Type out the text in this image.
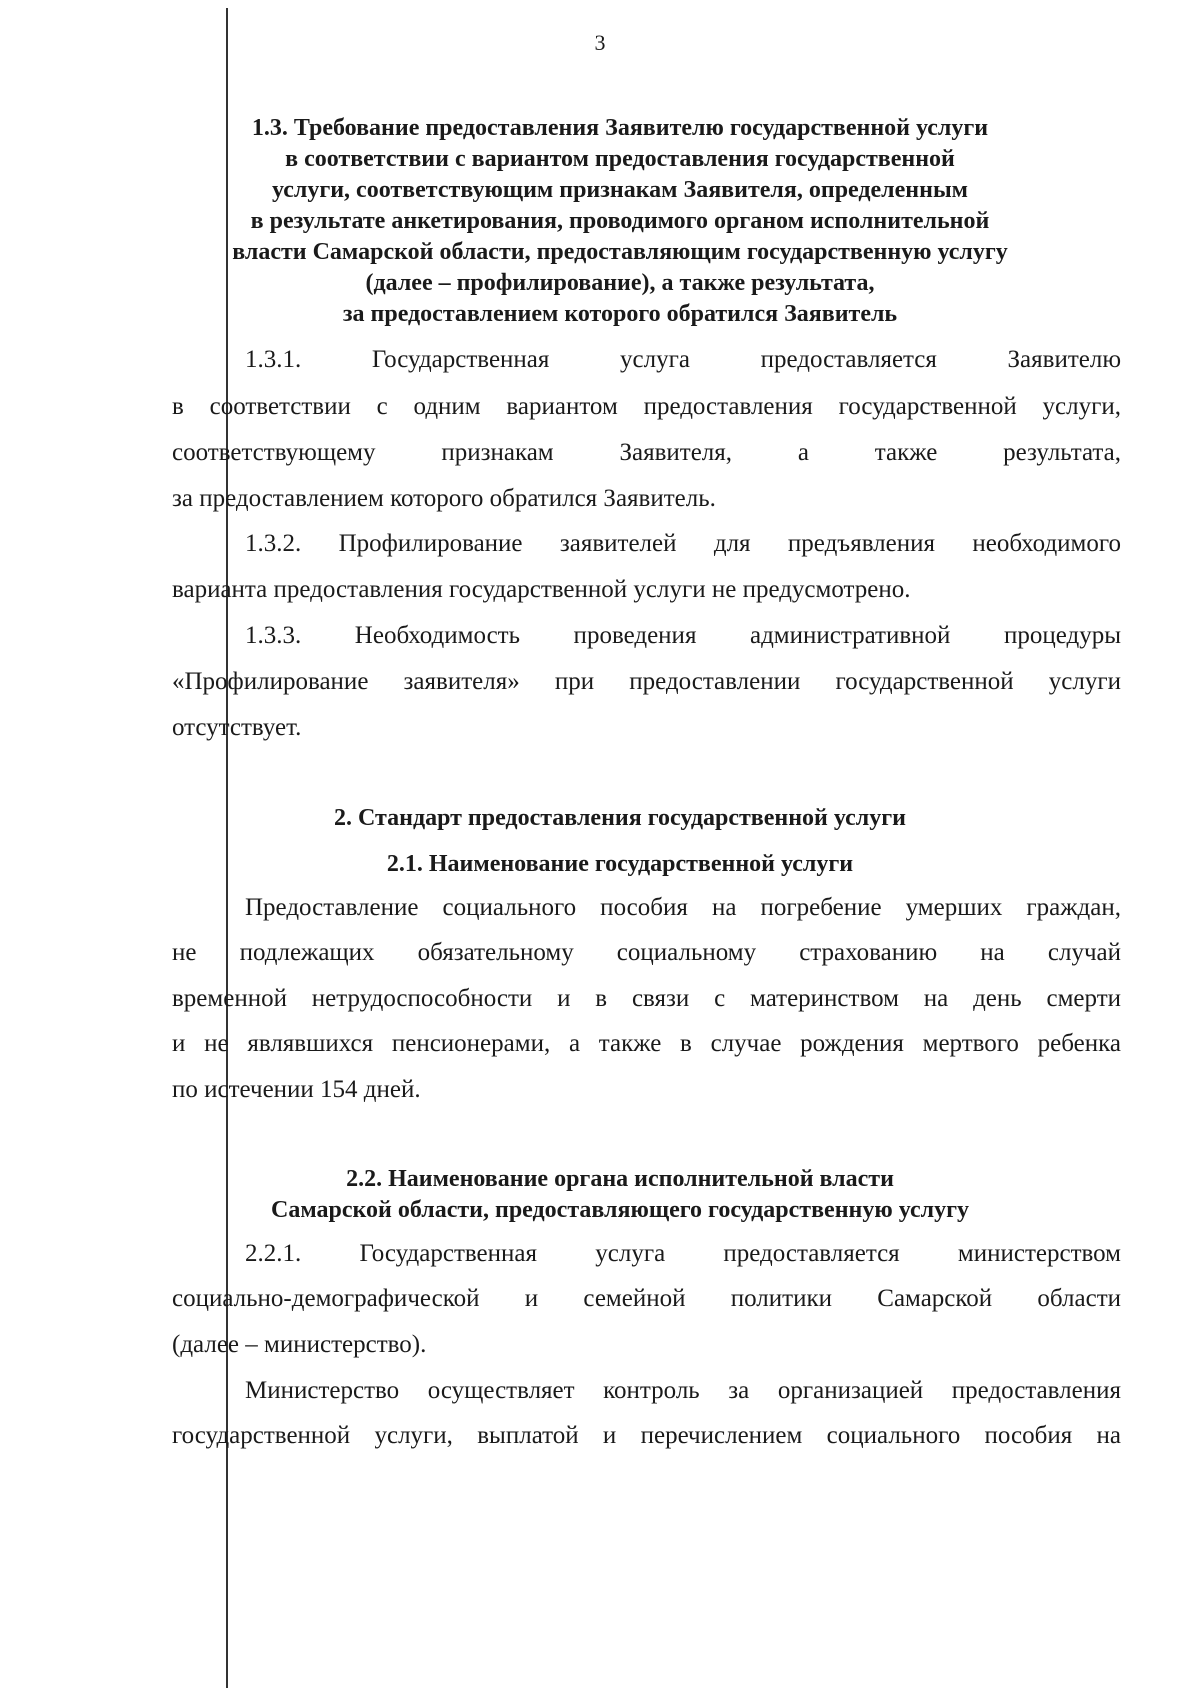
3
1.3. Требование предоставления Заявителю государственной услуги
в соответствии с вариантом предоставления государственной
услуги, соответствующим признакам Заявителя, определенным
в результате анкетирования, проводимого органом исполнительной
власти Самарской области, предоставляющим государственную услугу
(далее – профилирование), а также результата,
за предоставлением которого обратился Заявитель
1.3.1. Государственная услуга предоставляется Заявителю
в соответствии с одним вариантом предоставления государственной услуги,
соответствующему признакам Заявителя, а также результата,
за предоставлением которого обратился Заявитель.
1.3.2. Профилирование заявителей для предъявления необходимого
варианта предоставления государственной услуги не предусмотрено.
1.3.3. Необходимость проведения административной процедуры
«Профилирование заявителя» при предоставлении государственной услуги
отсутствует.
2. Стандарт предоставления государственной услуги
2.1. Наименование государственной услуги
Предоставление социального пособия на погребение умерших граждан,
не подлежащих обязательному социальному страхованию на случай
временной нетрудоспособности и в связи с материнством на день смерти
и не являвшихся пенсионерами, а также в случае рождения мертвого ребенка
по истечении 154 дней.
2.2. Наименование органа исполнительной власти
Самарской области, предоставляющего государственную услугу
2.2.1. Государственная услуга предоставляется министерством
социально-демографической и семейной политики Самарской области
(далее – министерство).
Министерство осуществляет контроль за организацией предоставления
государственной услуги, выплатой и перечислением социального пособия на
